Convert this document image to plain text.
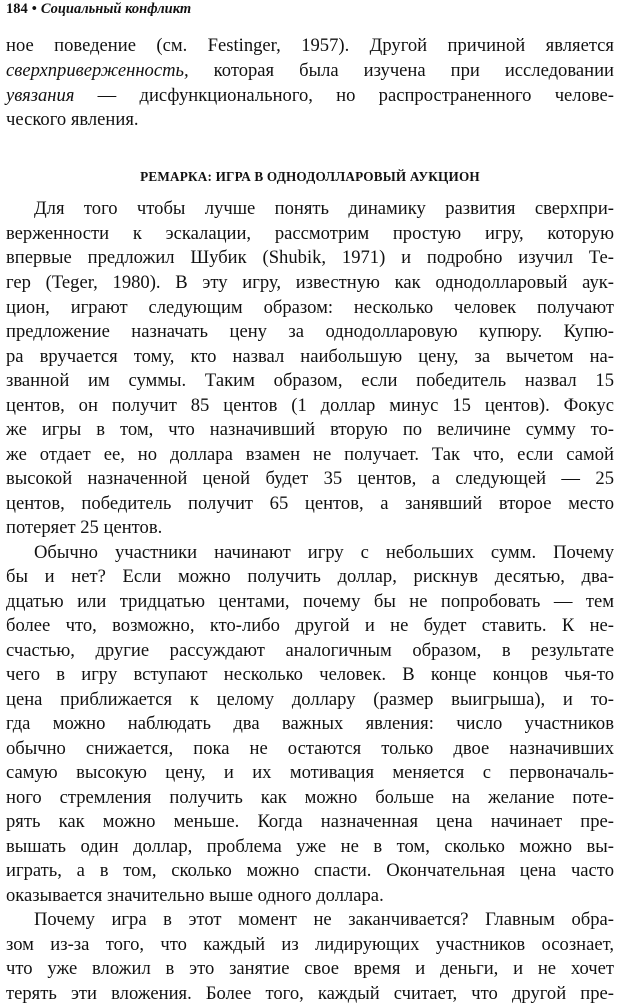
184 • Социальный конфликт
ное поведение (см. Festinger, 1957). Другой причиной является
сверхприверженность, которая была изучена при исследовании
увязания — дисфункционального, но распространенного челове-
ческого явления.
РЕМАРКА: ИГРА В ОДНОДОЛЛАРОВЫЙ АУКЦИОН
Для того чтобы лучше понять динамику развития сверхпри-
верженности к эскалации, рассмотрим простую игру, которую
впервые предложил Шубик (Shubik, 1971) и подробно изучил Те-
гер (Teger, 1980). В эту игру, известную как однодолларовый аук-
цион, играют следующим образом: несколько человек получают
предложение назначать цену за однодолларовую купюру. Купю-
ра вручается тому, кто назвал наибольшую цену, за вычетом на-
званной им суммы. Таким образом, если победитель назвал 15
центов, он получит 85 центов (1 доллар минус 15 центов). Фокус
же игры в том, что назначивший вторую по величине сумму то-
же отдает ее, но доллара взамен не получает. Так что, если самой
высокой назначенной ценой будет 35 центов, а следующей — 25
центов, победитель получит 65 центов, а занявший второе место
потеряет 25 центов.
Обычно участники начинают игру с небольших сумм. Почему
бы и нет? Если можно получить доллар, рискнув десятью, два-
дцатью или тридцатью центами, почему бы не попробовать — тем
более что, возможно, кто-либо другой и не будет ставить. К не-
счастью, другие рассуждают аналогичным образом, в результате
чего в игру вступают несколько человек. В конце концов чья-то
цена приближается к целому доллару (размер выигрыша), и то-
гда можно наблюдать два важных явления: число участников
обычно снижается, пока не остаются только двое назначивших
самую высокую цену, и их мотивация меняется с первоначаль-
ного стремления получить как можно больше на желание поте-
рять как можно меньше. Когда назначенная цена начинает пре-
вышать один доллар, проблема уже не в том, сколько можно вы-
играть, а в том, сколько можно спасти. Окончательная цена часто
оказывается значительно выше одного доллара.
Почему игра в этот момент не заканчивается? Главным обра-
зом из-за того, что каждый из лидирующих участников осознает,
что уже вложил в это занятие свое время и деньги, и не хочет
терять эти вложения. Более того, каждый считает, что другой пре-
